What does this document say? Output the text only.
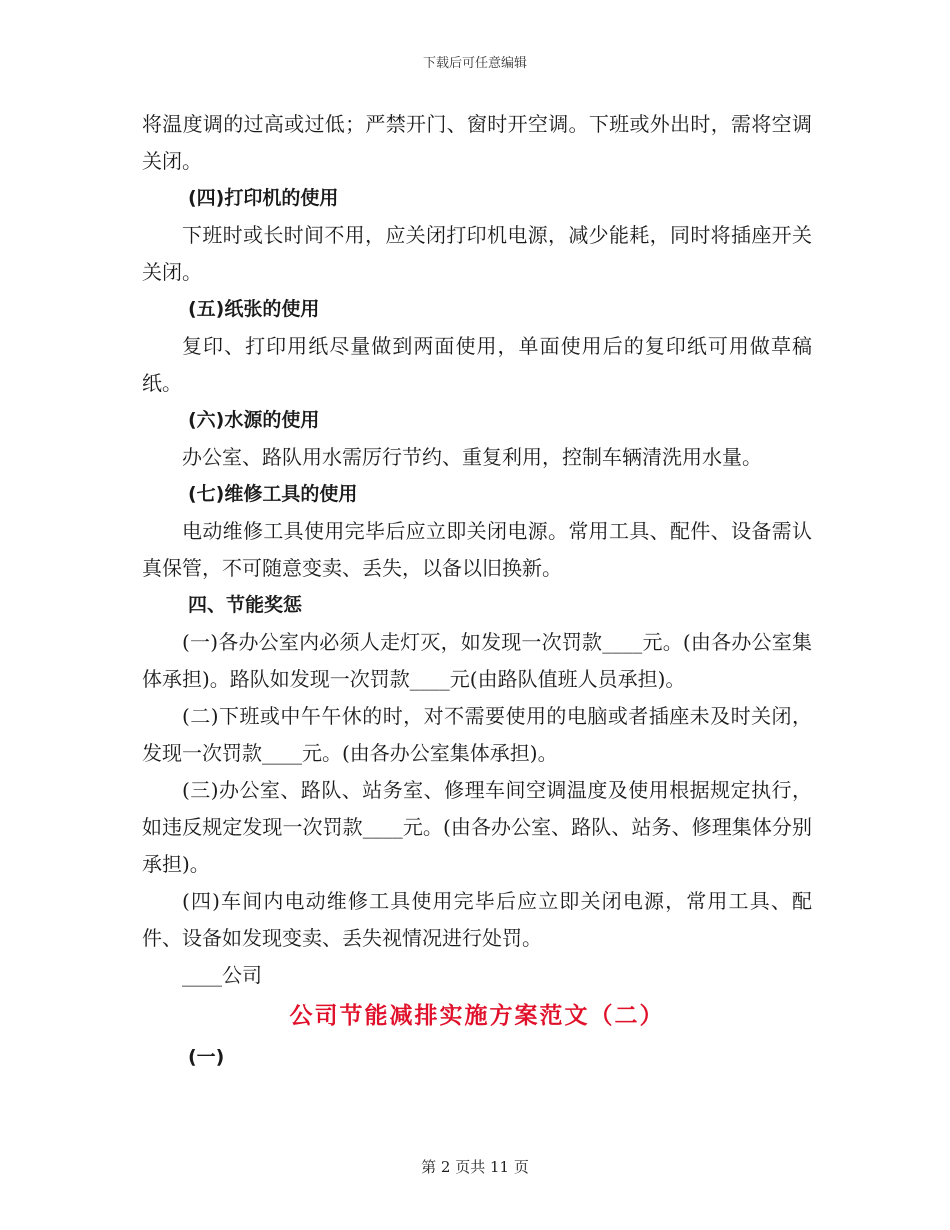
下载后可任意编辑

将温度调的过高或过低；严禁开门、窗时开空调。下班或外出时，需将空调关闭。

(四)打印机的使用

下班时或长时间不用，应关闭打印机电源，减少能耗，同时将插座开关关闭。

(五)纸张的使用

复印、打印用纸尽量做到两面使用，单面使用后的复印纸可用做草稿纸。

(六)水源的使用

办公室、路队用水需厉行节约、重复利用，控制车辆清洗用水量。

(七)维修工具的使用

电动维修工具使用完毕后应立即关闭电源。常用工具、配件、设备需认真保管，不可随意变卖、丢失，以备以旧换新。

四、节能奖惩

(一)各办公室内必须人走灯灭，如发现一次罚款____元。(由各办公室集体承担)。路队如发现一次罚款____元(由路队值班人员承担)。

(二)下班或中午午休的时，对不需要使用的电脑或者插座未及时关闭，发现一次罚款____元。(由各办公室集体承担)。

(三)办公室、路队、站务室、修理车间空调温度及使用根据规定执行，如违反规定发现一次罚款____元。(由各办公室、路队、站务、修理集体分别承担)。

(四)车间内电动维修工具使用完毕后应立即关闭电源，常用工具、配件、设备如发现变卖、丢失视情况进行处罚。

____公司

公司节能减排实施方案范文（二）

(一)

第 2 页共 11 页
